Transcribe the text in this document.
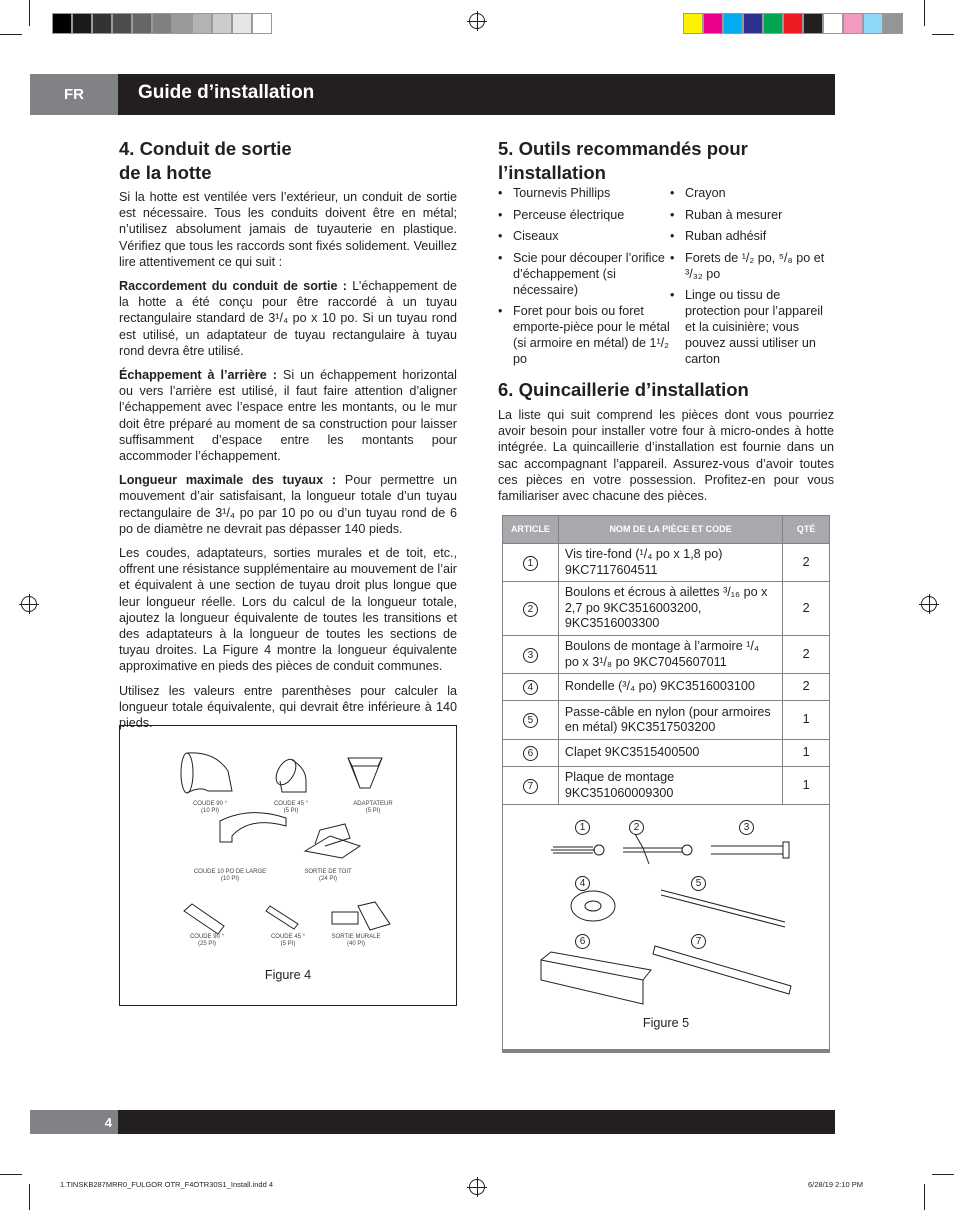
FR	Guide d’installation
4. Conduit de sortie
de la hotte

Si la hotte est ventilée vers l’extérieur, un conduit de sortie est nécessaire. Tous les conduits doivent être en métal; n’utilisez absolument jamais de tuyauterie en plastique. Vérifiez que tous les raccords sont fixés solidement. Veuillez lire attentivement ce qui suit :

Raccordement du conduit de sortie : L’échappement de la hotte a été conçu pour être raccordé à un tuyau rectangulaire standard de 3¹/₄ po x 10 po. Si un tuyau rond est utilisé, un adaptateur de tuyau rectangulaire à tuyau rond devra être utilisé.

Échappement à l’arrière : Si un échappement horizontal ou vers l’arrière est utilisé, il faut faire attention d’aligner l’échappement avec l’espace entre les montants, ou le mur doit être préparé au moment de sa construction pour laisser suffisamment d’espace entre les montants pour accommoder l’échappement.

Longueur maximale des tuyaux : Pour permettre un mouvement d’air satisfaisant, la longueur totale d’un tuyau rectangulaire de 3¹/₄ po par 10 po ou d’un tuyau rond de 6 po de diamètre ne devrait pas dépasser 140 pieds.

Les coudes, adaptateurs, sorties murales et de toit, etc., offrent une résistance supplémentaire au mouvement de l’air et équivalent à une section de tuyau droit plus longue que leur longueur réelle. Lors du calcul de la longueur totale, ajoutez la longueur équivalente de toutes les transitions et des adaptateurs à la longueur de toutes les sections de tuyau droites. La Figure 4 montre la longueur équivalente approximative en pieds des pièces de conduit communes.

Utilisez les valeurs entre parenthèses pour calculer la longueur totale équivalente, qui devrait être inférieure à 140 pieds.

COUDE 90 °
(10 PI)
COUDE 45 °
(5 PI)
ADAPTATEUR
(5 PI)
COUDE 10 PO DE LARGE
(10 PI)
SORTIE DE TOIT
(24 PI)
COUDE 90 °
(25 PI)
COUDE 45 °
(5 PI)
SORTIE MURALE
(40 PI)
Figure 4
5. Outils recommandés pour
l’installation
• Tournevis Phillips
• Perceuse électrique
• Ciseaux
• Scie pour découper l’orifice d’échappement (si nécessaire)
• Foret pour bois ou foret emporte-pièce pour le métal (si armoire en métal) de 1¹/₂ po
• Crayon
• Ruban à mesurer
• Ruban adhésif
• Forets de ¹/₂ po, ⁵/₈ po et ³/₃₂ po
• Linge ou tissu de protection pour l’appareil et la cuisinière; vous pouvez aussi utiliser un carton
6. Quincaillerie d’installation

La liste qui suit comprend les pièces dont vous pourriez avoir besoin pour installer votre four à micro-ondes à hotte intégrée. La quincaillerie d’installation est fournie dans un sac accompagnant l’appareil. Assurez-vous d’avoir toutes ces pièces en votre possession. Profitez-en pour vous familiariser avec chacune des pièces.

ARTICLE	NOM DE LA PIÈCE ET CODE	QTÉ
1	Vis tire-fond (¹/₄ po x 1,8 po) 9KC7117604511	2
2	Boulons et écrous à ailettes ³/₁₆ po x 2,7 po 9KC3516003200, 9KC3516003300	2
3	Boulons de montage à l’armoire ¹/₄ po x 3¹/₈ po 9KC7045607011	2
4	Rondelle (³/₄ po) 9KC3516003100	2
5	Passe-câble en nylon (pour armoires en métal) 9KC3517503200	1
6	Clapet 9KC3515400500	1
7	Plaque de montage 9KC351060009300	1
1	2	3
4	5
6	7
Figure 5
4
1.TINSKB287MRR0_FULGOR OTR_F4OTR30S1_Install.indd 4	6/28/19 2:10 PM
